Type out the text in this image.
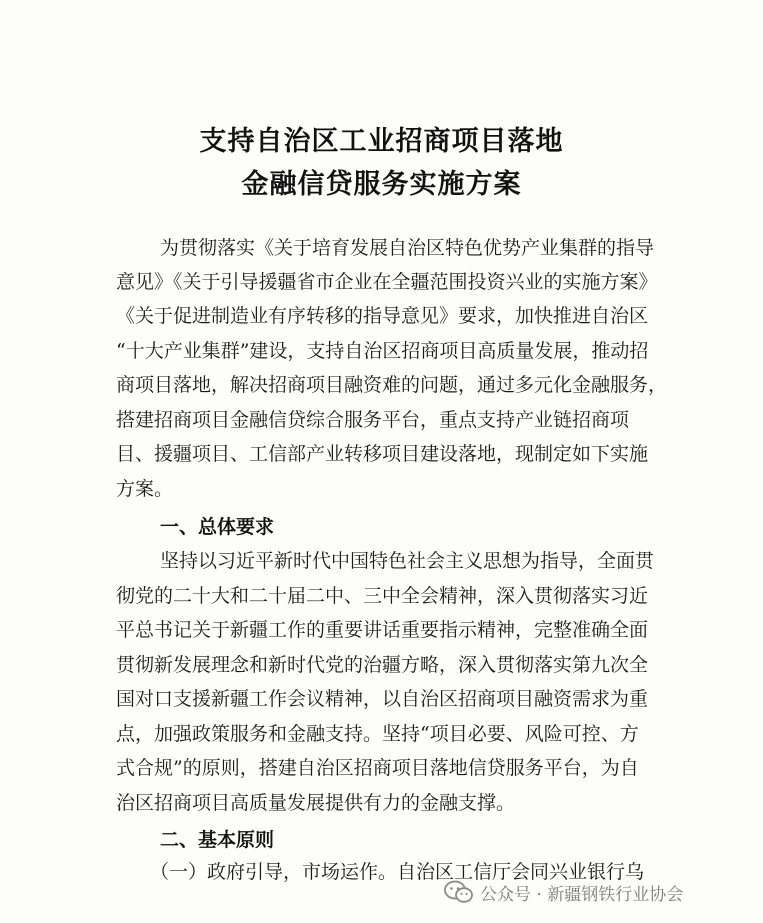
支持自治区工业招商项目落地
金融信贷服务实施方案
为贯彻落实《关于培育发展自治区特色优势产业集群的指导
意见》《关于引导援疆省市企业在全疆范围投资兴业的实施方案》
《关于促进制造业有序转移的指导意见》要求，加快推进自治区
“十大产业集群”建设，支持自治区招商项目高质量发展，推动招
商项目落地，解决招商项目融资难的问题，通过多元化金融服务，
搭建招商项目金融信贷综合服务平台，重点支持产业链招商项
目、援疆项目、工信部产业转移项目建设落地，现制定如下实施
方案。
一、总体要求
坚持以习近平新时代中国特色社会主义思想为指导，全面贯
彻党的二十大和二十届二中、三中全会精神，深入贯彻落实习近
平总书记关于新疆工作的重要讲话重要指示精神，完整准确全面
贯彻新发展理念和新时代党的治疆方略，深入贯彻落实第九次全
国对口支援新疆工作会议精神，以自治区招商项目融资需求为重
点，加强政策服务和金融支持。坚持“项目必要、风险可控、方
式合规”的原则，搭建自治区招商项目落地信贷服务平台，为自
治区招商项目高质量发展提供有力的金融支撑。
二、基本原则
（一）政府引导，市场运作。自治区工信厅会同兴业银行乌
公众号 · 新疆钢铁行业协会
